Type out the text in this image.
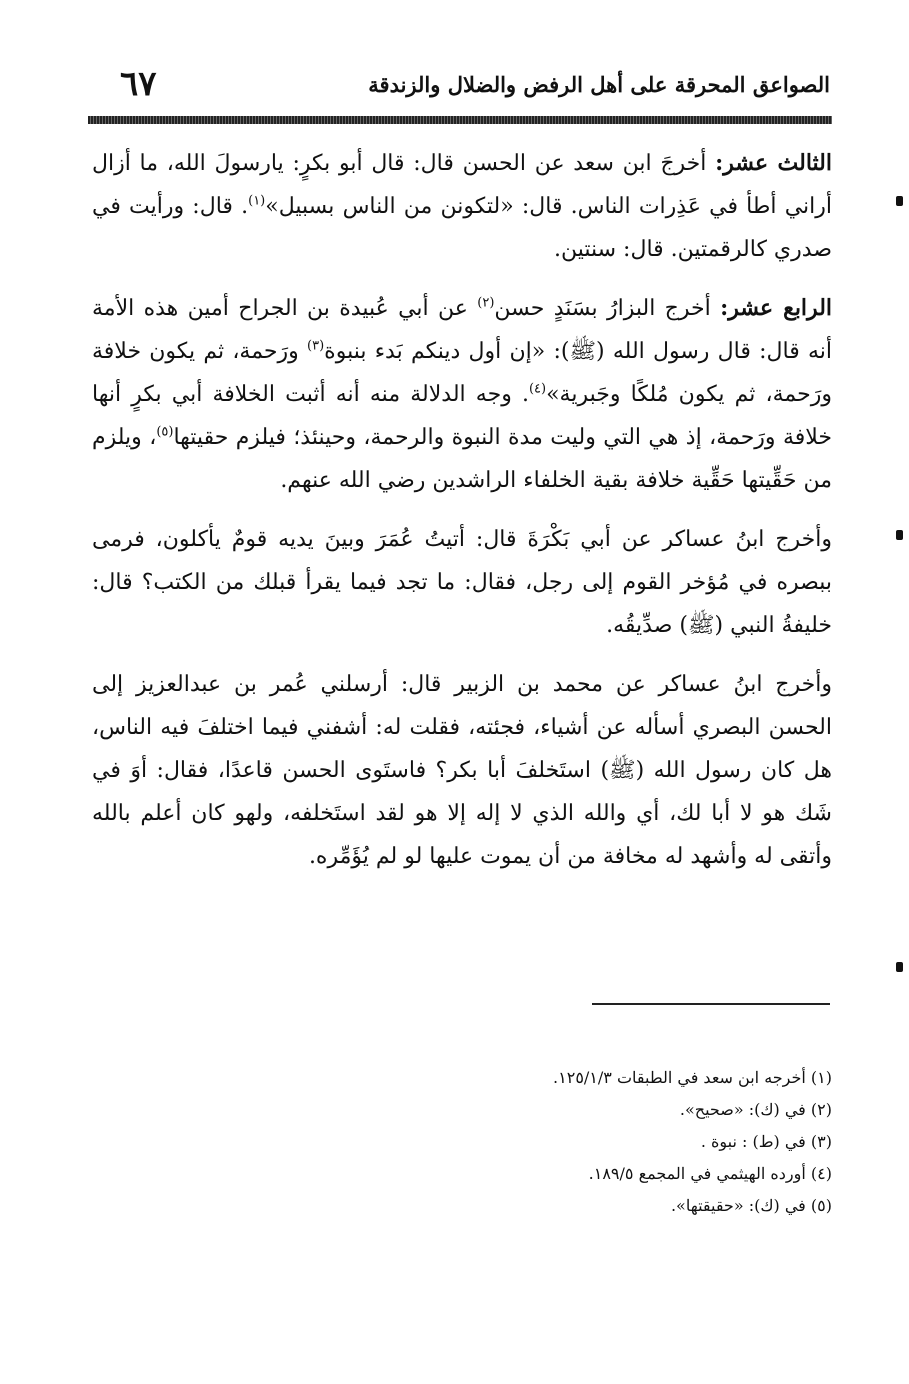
الصواعق المحرقة على أهل الرفض والضلال والزندقة
٦٧

الثالث عشر: أخرجَ ابن سعد عن الحسن قال: قال أبو بكرٍ: يارسولَ الله، ما أزال أراني أطأ في عَذِرات الناس. قال: «لتكونن من الناس بسبيل»$^{(١)}$. قال: ورأيت في صدري كالرقمتين. قال: سنتين.

الرابع عشر: أخرج البزارُ بسَنَدٍ حسن$^{(٢)}$ عن أبي عُبيدة بن الجراح أمين هذه الأمة أنه قال: قال رسول الله (ﷺ): «إن أول دينكم بَدء بنبوة$^{(٣)}$ ورَحمة، ثم يكون خلافة ورَحمة، ثم يكون مُلكًا وجَبرية»$^{(٤)}$. وجه الدلالة منه أنه أثبت الخلافة أبي بكرٍ أنها خلافة ورَحمة، إذ هي التي وليت مدة النبوة والرحمة، وحينئذ؛ فيلزم حقيتها$^{(٥)}$، ويلزم من حَقِّيتها حَقِّية خلافة بقية الخلفاء الراشدين رضي الله عنهم.

وأخرج ابنُ عساكر عن أبي بَكْرَةَ قال: أتيتُ عُمَرَ وبينَ يديه قومٌ يأكلون، فرمى ببصره في مُؤخر القوم إلى رجل، فقال: ما تجد فيما يقرأ قبلك من الكتب؟ قال: خليفةُ النبي (ﷺ) صدِّيقُه.

وأخرج ابنُ عساكر عن محمد بن الزبير قال: أرسلني عُمر بن عبدالعزيز إلى الحسن البصري أسأله عن أشياء، فجئته، فقلت له: أشفني فيما اختلفَ فيه الناس، هل كان رسول الله (ﷺ) استَخلفَ أبا بكر؟ فاستَوى الحسن قاعدًا، فقال: أوَ في شَك هو لا أبا لك، أي والله الذي لا إله إلا هو لقد استَخلفه، ولهو كان أعلم بالله وأتقى له وأشهد له مخافة من أن يموت عليها لو لم يُؤَمِّره.

(١) أخرجه ابن سعد في الطبقات ١٢٥/١/٣.
(٢) في (ك): «صحيح».
(٣) في (ط) : نبوة .
(٤) أورده الهيثمي في المجمع ١٨٩/٥.
(٥) في (ك): «حقيقتها».
